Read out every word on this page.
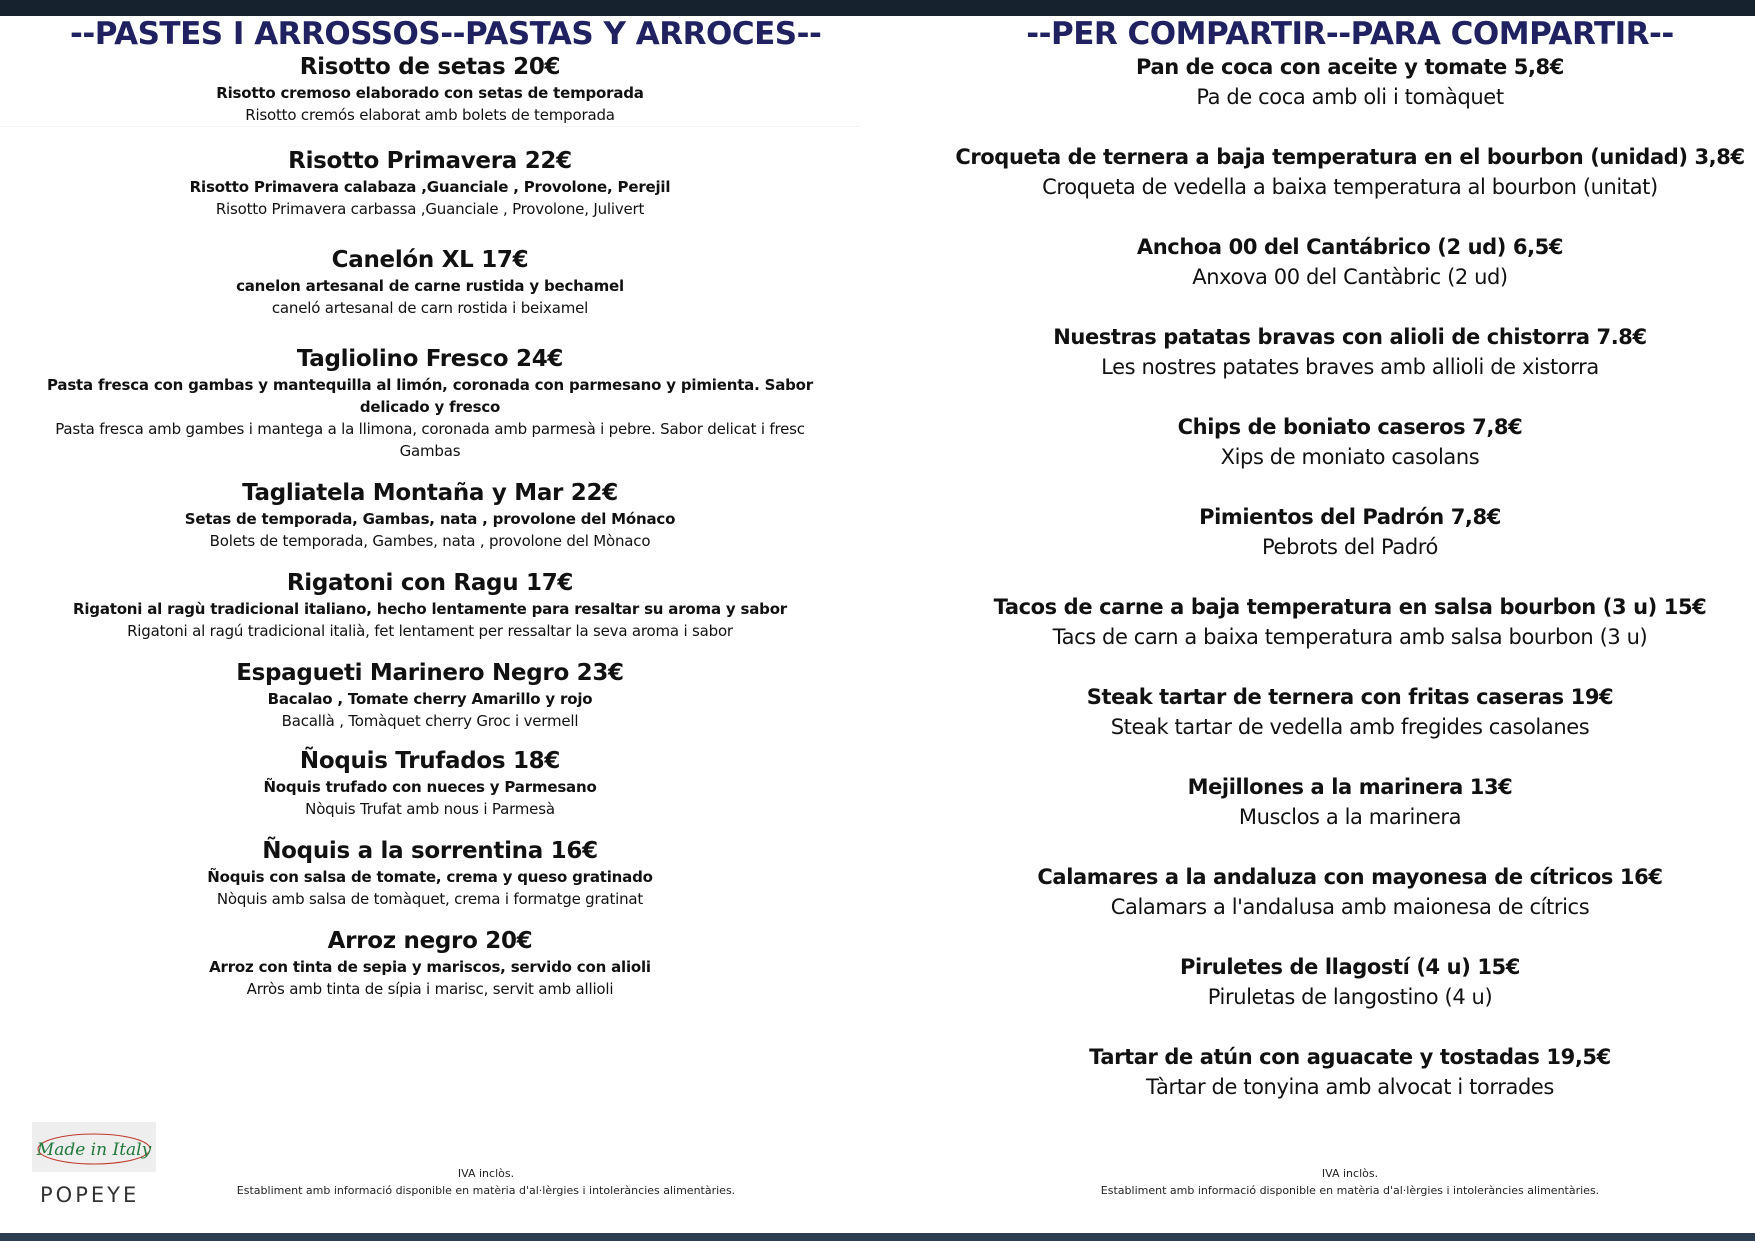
--PASTES I ARROSSOS--PASTAS Y ARROCES--
Risotto de setas 20€
Risotto cremoso elaborado con setas de temporada
Risotto cremós elaborat amb bolets de temporada
Risotto Primavera 22€
Risotto Primavera calabaza ,Guanciale , Provolone, Perejil
Risotto Primavera carbassa ,Guanciale , Provolone, Julivert
Canelón XL 17€
canelon artesanal de carne rustida y bechamel
caneló artesanal de carn rostida i beixamel
Tagliolino Fresco 24€
Pasta fresca con gambas y mantequilla al limón, coronada con parmesano y pimienta. Sabor delicado y fresco
Pasta fresca amb gambes i mantega a la llimona, coronada amb parmesà i pebre. Sabor delicat i fresc Gambas
Tagliatela Montaña y Mar 22€
Setas de temporada, Gambas, nata , provolone del Mónaco
Bolets de temporada, Gambes, nata , provolone del Mònaco
Rigatoni con Ragu 17€
Rigatoni al ragù tradicional italiano, hecho lentamente para resaltar su aroma y sabor
Rigatoni al ragú tradicional italià, fet lentament per ressaltar la seva aroma i sabor
Espagueti Marinero Negro 23€
Bacalao , Tomate cherry Amarillo y rojo
Bacallà , Tomàquet cherry Groc i vermell
Ñoquis Trufados 18€
Ñoquis trufado con nueces y Parmesano
Nòquis Trufat amb nous i Parmesà
Ñoquis a la sorrentina 16€
Ñoquis con salsa de tomate, crema y queso gratinado
Nòquis amb salsa de tomàquet, crema i formatge gratinat
Arroz negro 20€
Arroz con tinta de sepia y mariscos, servido con alioli
Arròs amb tinta de sípia i marisc, servit amb allioli
--PER COMPARTIR--PARA COMPARTIR--
Pan de coca con aceite y tomate 5,8€
Pa de coca amb oli i tomàquet
Croqueta de ternera a baja temperatura en el bourbon (unidad) 3,8€
Croqueta de vedella a baixa temperatura al bourbon (unitat)
Anchoa 00 del Cantábrico (2 ud) 6,5€
Anxova 00 del Cantàbric (2 ud)
Nuestras patatas bravas con alioli de chistorra 7.8€
Les nostres patates braves amb allioli de xistorra
Chips de boniato caseros 7,8€
Xips de moniato casolans
Pimientos del Padrón 7,8€
Pebrots del Padró
Tacos de carne a baja temperatura en salsa bourbon (3 u) 15€
Tacs de carn a baixa temperatura amb salsa bourbon (3 u)
Steak tartar de ternera con fritas caseras 19€
Steak tartar de vedella amb fregides casolanes
Mejillones a la marinera 13€
Musclos a la marinera
Calamares a la andaluza con mayonesa de cítricos 16€
Calamars a l'andalusa amb maionesa de cítrics
Piruletes de llagostí (4 u) 15€
Piruletas de langostino (4 u)
Tartar de atún con aguacate y tostadas 19,5€
Tàrtar de tonyina amb alvocat i torrades
Made in Italy
POPEYE
IVA inclòs.
Establiment amb informació disponible en matèria d'al·lèrgies i intoleràncies alimentàries.
IVA inclòs.
Establiment amb informació disponible en matèria d'al·lèrgies i intoleràncies alimentàries.
